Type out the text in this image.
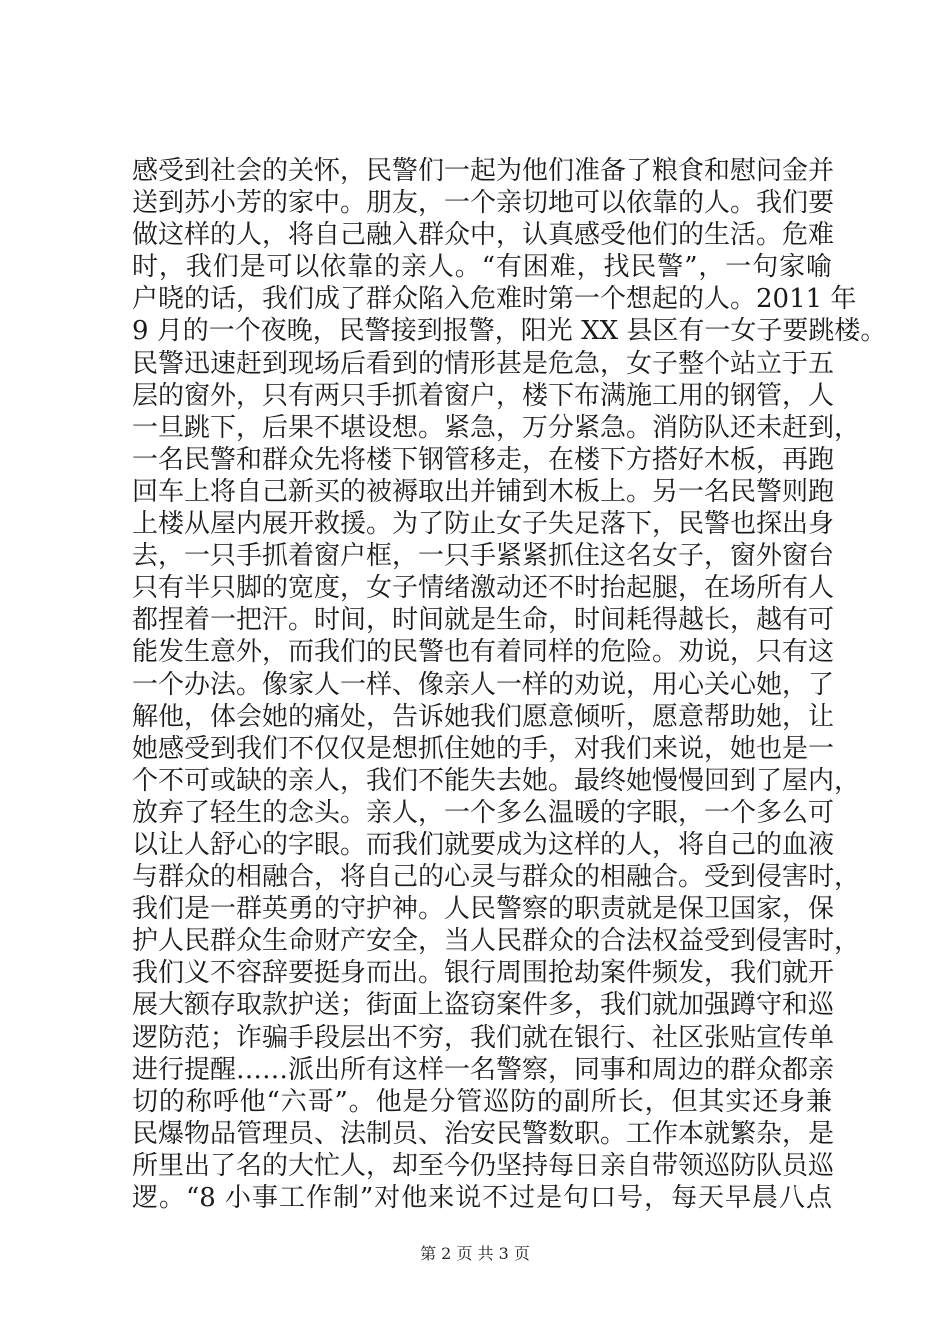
感受到社会的关怀，民警们一起为他们准备了粮食和慰问金并
送到苏小芳的家中。朋友，一个亲切地可以依靠的人。我们要
做这样的人，将自己融入群众中，认真感受他们的生活。危难
时，我们是可以依靠的亲人。“有困难，找民警”，一句家喻
户晓的话，我们成了群众陷入危难时第一个想起的人。2011 年
9 月的一个夜晚，民警接到报警，阳光 XX 县区有一女子要跳楼。
民警迅速赶到现场后看到的情形甚是危急，女子整个站立于五
层的窗外，只有两只手抓着窗户，楼下布满施工用的钢管，人
一旦跳下，后果不堪设想。紧急，万分紧急。消防队还未赶到，
一名民警和群众先将楼下钢管移走，在楼下方搭好木板，再跑
回车上将自己新买的被褥取出并铺到木板上。另一名民警则跑
上楼从屋内展开救援。为了防止女子失足落下，民警也探出身
去，一只手抓着窗户框，一只手紧紧抓住这名女子，窗外窗台
只有半只脚的宽度，女子情绪激动还不时抬起腿，在场所有人
都捏着一把汗。时间，时间就是生命，时间耗得越长，越有可
能发生意外，而我们的民警也有着同样的危险。劝说，只有这
一个办法。像家人一样、像亲人一样的劝说，用心关心她，了
解他，体会她的痛处，告诉她我们愿意倾听，愿意帮助她，让
她感受到我们不仅仅是想抓住她的手，对我们来说，她也是一
个不可或缺的亲人，我们不能失去她。最终她慢慢回到了屋内，
放弃了轻生的念头。亲人，一个多么温暖的字眼，一个多么可
以让人舒心的字眼。而我们就要成为这样的人，将自己的血液
与群众的相融合，将自己的心灵与群众的相融合。受到侵害时，
我们是一群英勇的守护神。人民警察的职责就是保卫国家，保
护人民群众生命财产安全，当人民群众的合法权益受到侵害时，
我们义不容辞要挺身而出。银行周围抢劫案件频发，我们就开
展大额存取款护送；街面上盗窃案件多，我们就加强蹲守和巡
逻防范；诈骗手段层出不穷，我们就在银行、社区张贴宣传单
进行提醒……派出所有这样一名警察，同事和周边的群众都亲
切的称呼他“六哥”。他是分管巡防的副所长，但其实还身兼
民爆物品管理员、法制员、治安民警数职。工作本就繁杂，是
所里出了名的大忙人，却至今仍坚持每日亲自带领巡防队员巡
逻。“8 小事工作制”对他来说不过是句口号，每天早晨八点
第 2 页 共 3 页
